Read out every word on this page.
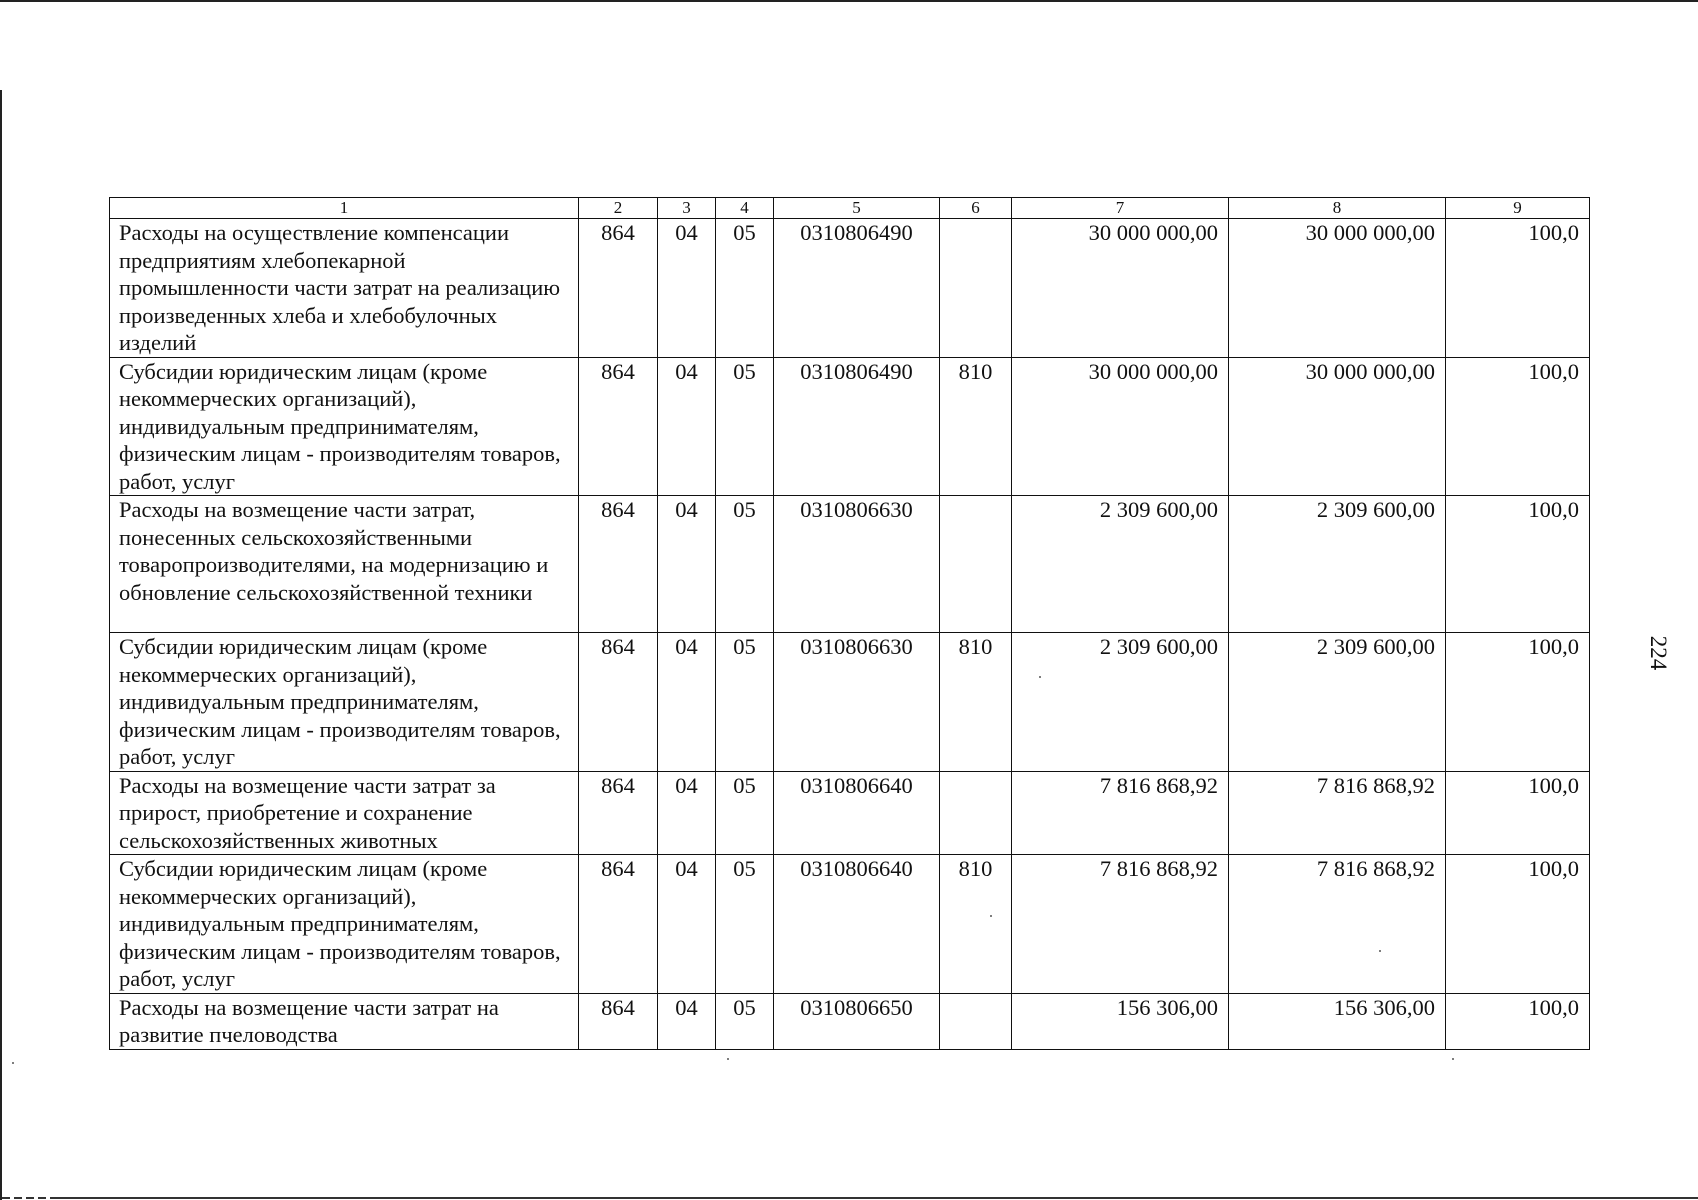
224
1	2	3	4	5	6	7	8	9
Расходы на осуществление компенсации предприятиям хлебопекарной промышленности части затрат на реализацию произведенных хлеба и хлебобулочных изделий	864	04	05	0310806490		30 000 000,00	30 000 000,00	100,0
Субсидии юридическим лицам (кроме некоммерческих организаций), индивидуальным предпринимателям, физическим лицам - производителям товаров, работ, услуг	864	04	05	0310806490	810	30 000 000,00	30 000 000,00	100,0
Расходы на возмещение части затрат, понесенных сельскохозяйственными товаропроизводителями, на модернизацию и обновление сельскохозяйственной техники	864	04	05	0310806630		2 309 600,00	2 309 600,00	100,0
Субсидии юридическим лицам (кроме некоммерческих организаций), индивидуальным предпринимателям, физическим лицам - производителям товаров, работ, услуг	864	04	05	0310806630	810	2 309 600,00	2 309 600,00	100,0
Расходы на возмещение части затрат за прирост, приобретение и сохранение сельскохозяйственных животных	864	04	05	0310806640		7 816 868,92	7 816 868,92	100,0
Субсидии юридическим лицам (кроме некоммерческих организаций), индивидуальным предпринимателям, физическим лицам - производителям товаров, работ, услуг	864	04	05	0310806640	810	7 816 868,92	7 816 868,92	100,0
Расходы на возмещение части затрат на развитие пчеловодства	864	04	05	0310806650		156 306,00	156 306,00	100,0
